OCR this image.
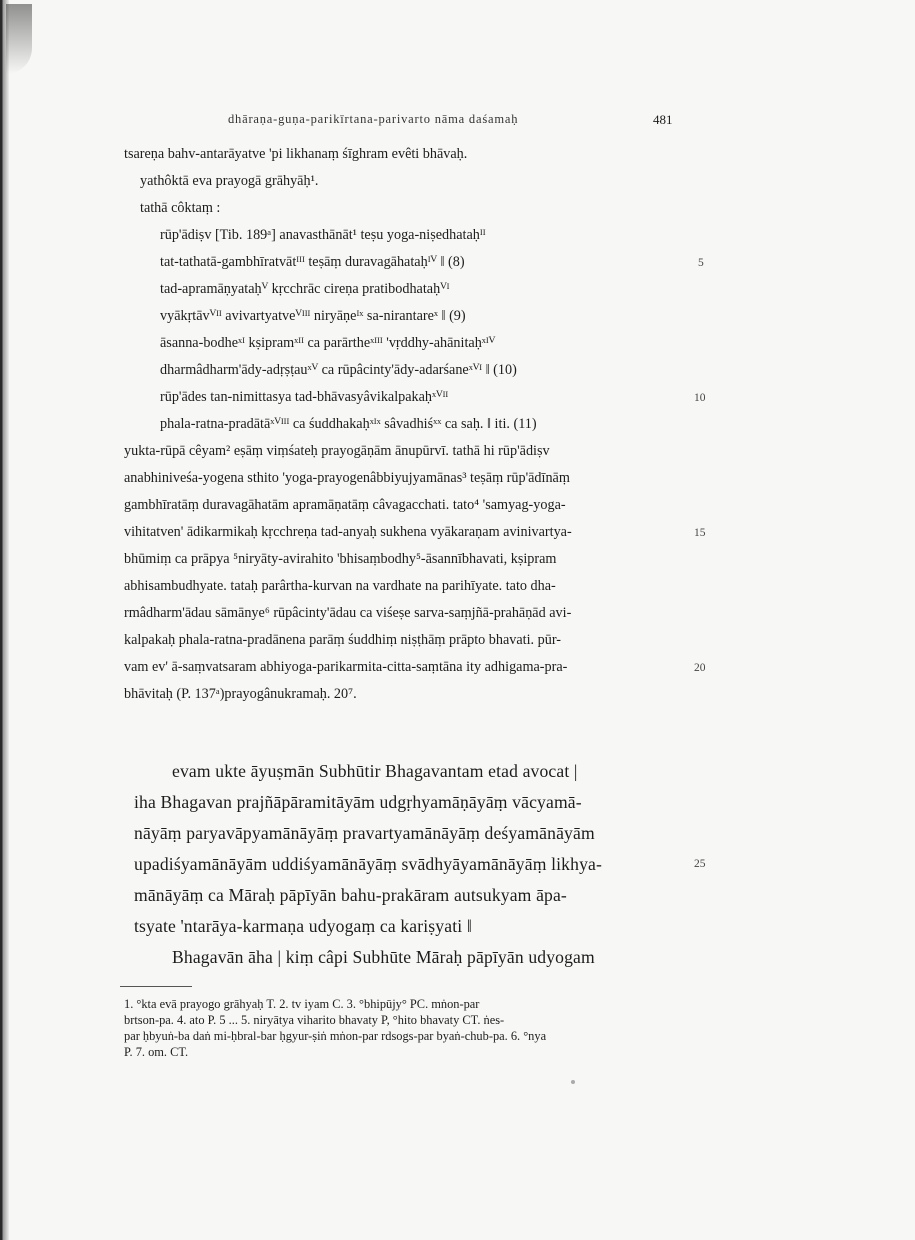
dhāraṇa-guṇa-parikīrtana-parivarto nāma daśamaḥ	481
tsareṇa bahv-antarāyatve 'pi likhanaṃ śīghram evêti bhāvaḥ.
yathôktā eva prayogā grāhyāḥ¹.
tathā côktaṃ :
rūp'ādiṣv [Tib. 189ᵃ] anavasthānāt¹ teṣu yoga-niṣedhataḥᴵᴵ
tat-tathatā-gambhīratvātᴵᴵᴵ teṣāṃ duravagāhataḥᴵⱽ ‖ (8)
tad-apramāṇyataḥⱽ kṛcchrāc cireṇa pratibodhataḥⱽᴵ
vyākṛtāvⱽᴵᴵ avivartyatveⱽᴵᴵᴵ niryāṇeᴵˣ sa-nirantareˣ ‖ (9)
āsanna-bodheˣᴵ kṣipramˣᴵᴵ ca parārtheˣᴵᴵᴵ 'vṛddhy-ahānitaḥˣᴵⱽ
dharmâdharm'ādy-adṛṣṭauˣⱽ ca rūpâcinty'ādy-adarśaneˣⱽᴵ ‖ (10)
rūp'ādes tan-nimittasya tad-bhāvasyâvikalpakaḥˣⱽᴵᴵ
phala-ratna-pradātāˣⱽᴵᴵᴵ ca śuddhakaḥˣᴵˣ sâvadhiśˣˣ ca saḥ. ‖ iti. (11)
yukta-rūpā cêyam² eṣāṃ viṃśateḥ prayogāṇām ānupūrvī. tathā hi rūp'ādiṣv
anabhiniveśa-yogena sthito 'yoga-prayogenâbbiyujyamānas³ teṣāṃ rūp'ādīnāṃ
gambhīratāṃ duravagāhatām apramāṇatāṃ câvagacchati. tato⁴ 'samyag-yoga-
vihitatven' ādikarmikaḥ kṛcchreṇa tad-anyaḥ sukhena vyākaraṇam avinivartya-
bhūmiṃ ca prāpya ⁵niryāty-avirahito 'bhisaṃbodhy⁵-āsannībhavati, kṣipram
abhisambudhyate. tataḥ parârtha-kurvan na vardhate na parihīyate. tato dha-
rmâdharm'ādau sāmānye⁶ rūpâcinty'ādau ca viśeṣe sarva-saṃjñā-prahāṇād avi-
kalpakaḥ phala-ratna-pradānena parāṃ śuddhiṃ niṣṭhāṃ prāpto bhavati. pūr-
vam ev' ā-saṃvatsaram abhiyoga-parikarmita-citta-saṃtāna ity adhigama-pra-
bhāvitaḥ (P. 137ᵃ)prayogânukramaḥ. 20⁷.
evam ukte āyuṣmān Subhūtir Bhagavantam etad avocat |
iha Bhagavan prajñāpāramitāyām udgṛhyamāṇāyāṃ vācyamā-
nāyāṃ paryavāpyamānāyāṃ pravartyamānāyāṃ deśyamānāyām
upadiśyamānāyām uddiśyamānāyāṃ svādhyāyamānāyāṃ likhya-
mānāyāṃ ca Māraḥ pāpīyān bahu-prakāram autsukyam āpa-
tsyate 'ntarāya-karmaṇa udyogaṃ ca kariṣyati ‖
Bhagavān āha | kiṃ câpi Subhūte Māraḥ pāpīyān udyogam
5
10
15
20
25
1. °kta evā prayogo grāhyaḥ T. 2. tv iyam C. 3. °bhipūjy° PC. mṅon-par
brtson-pa. 4. ato P. 5 ... 5. niryātya viharito bhavaty P, °hito bhavaty CT. ṅes-
par ḥbyuṅ-ba daṅ mi-ḥbral-bar ḥgyur-ṣiṅ mṅon-par rdsogs-par byaṅ-chub-pa. 6. °nya
P. 7. om. CT.
